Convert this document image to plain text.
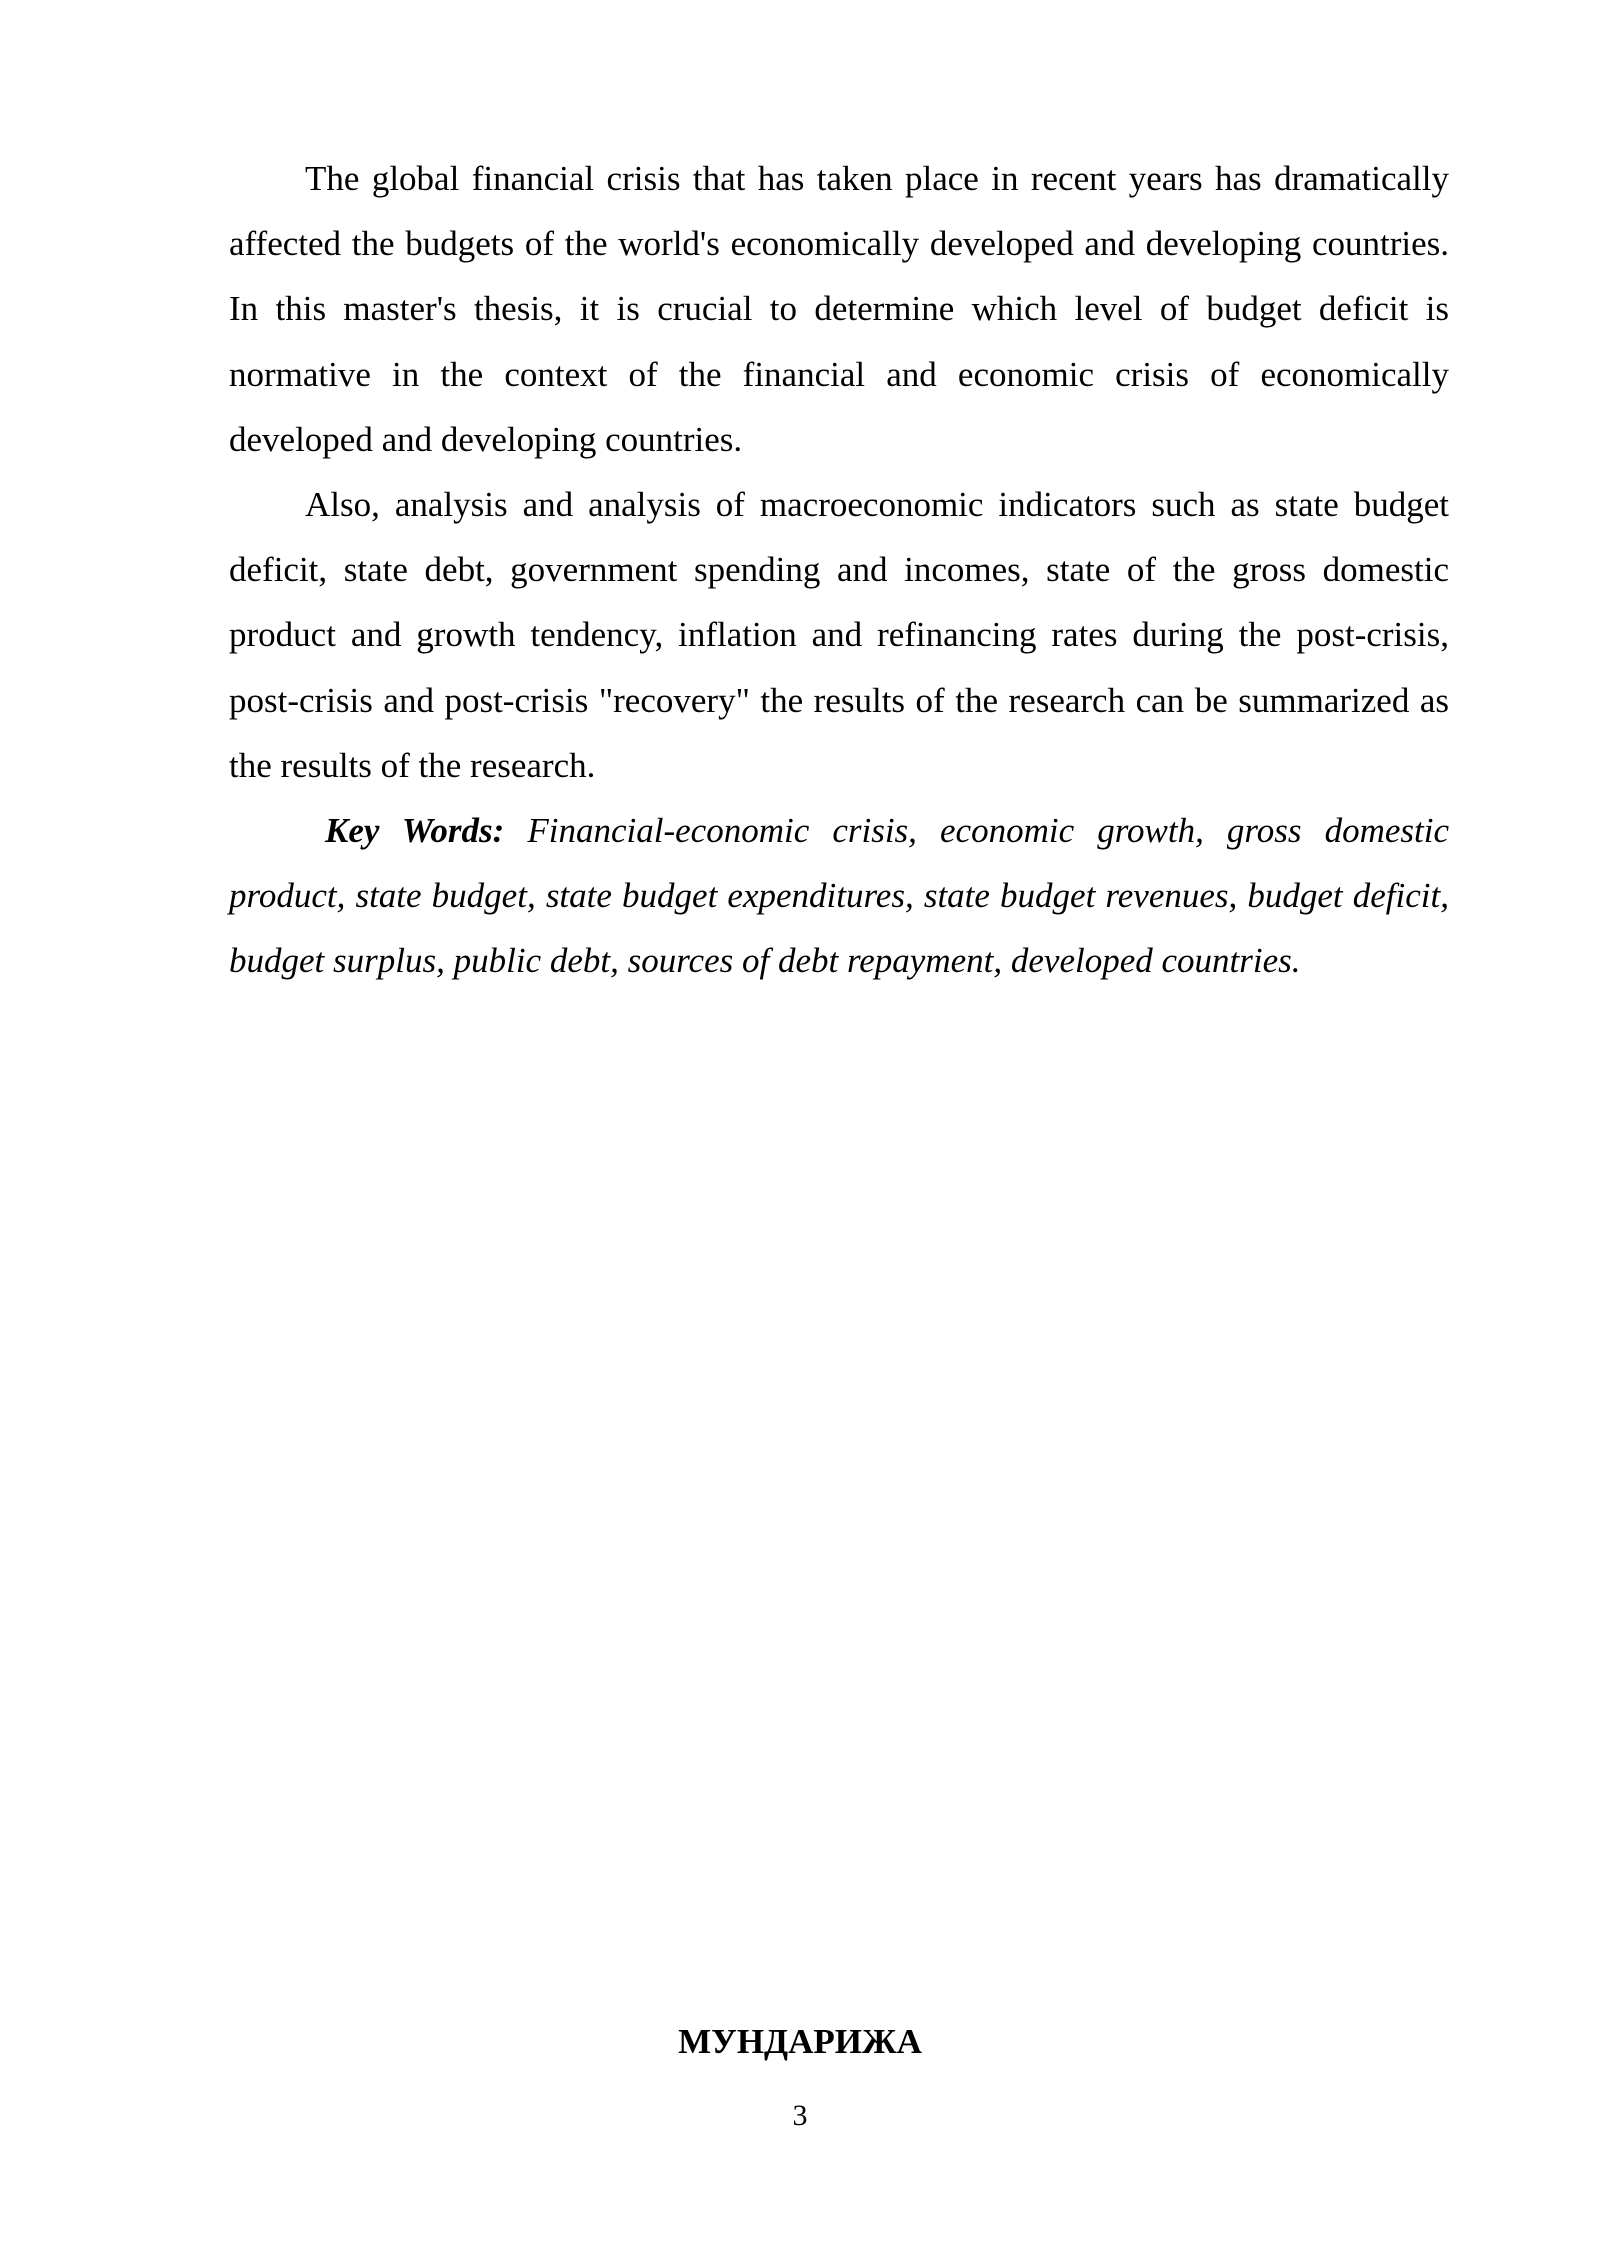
The global financial crisis that has taken place in recent years has dramatically affected the budgets of the world's economically developed and developing countries. In this master's thesis, it is crucial to determine which level of budget deficit is normative in the context of the financial and economic crisis of economically developed and developing countries.

Also, analysis and analysis of macroeconomic indicators such as state budget deficit, state debt, government spending and incomes, state of the gross domestic product and growth tendency, inflation and refinancing rates during the post-crisis, post-crisis and post-crisis "recovery" the results of the research can be summarized as the results of the research.

Key Words: Financial-economic crisis, economic growth, gross domestic product, state budget, state budget expenditures, state budget revenues, budget deficit, budget surplus, public debt, sources of debt repayment, developed countries.

МУНДАРИЖА
3
